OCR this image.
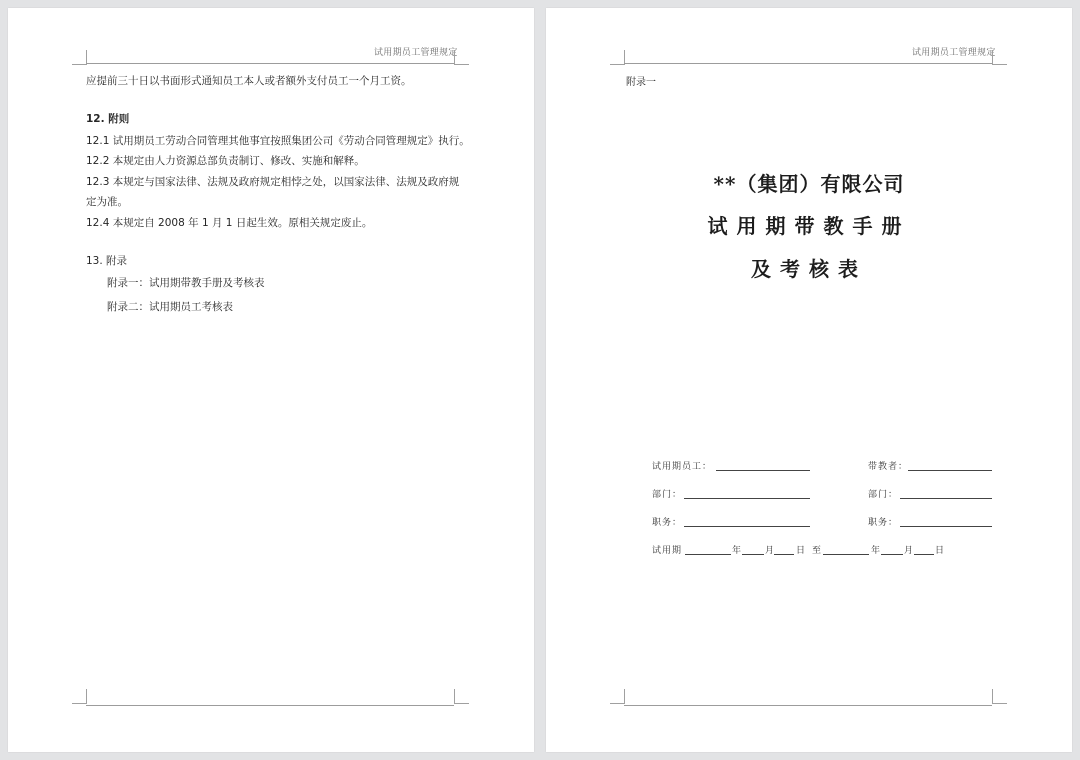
试用期员工管理规定
应提前三十日以书面形式通知员工本人或者额外支付员工一个月工资。
12. 附则
12.1 试用期员工劳动合同管理其他事宜按照集团公司《劳动合同管理规定》执行。
12.2 本规定由人力资源总部负责制订、修改、实施和解释。
12.3 本规定与国家法律、法规及政府规定相悖之处，以国家法律、法规及政府规
定为准。
12.4 本规定自 2008 年 1 月 1 日起生效。原相关规定废止。
13. 附录
附录一：试用期带教手册及考核表
附录二：试用期员工考核表
试用期员工管理规定
附录一
**（集团）有限公司
试用期带教手册
及考核表
试用期员工：	带教者：
部门：	部门：
职务：	职务：
试用期	年	月 日 至	年	月 日
